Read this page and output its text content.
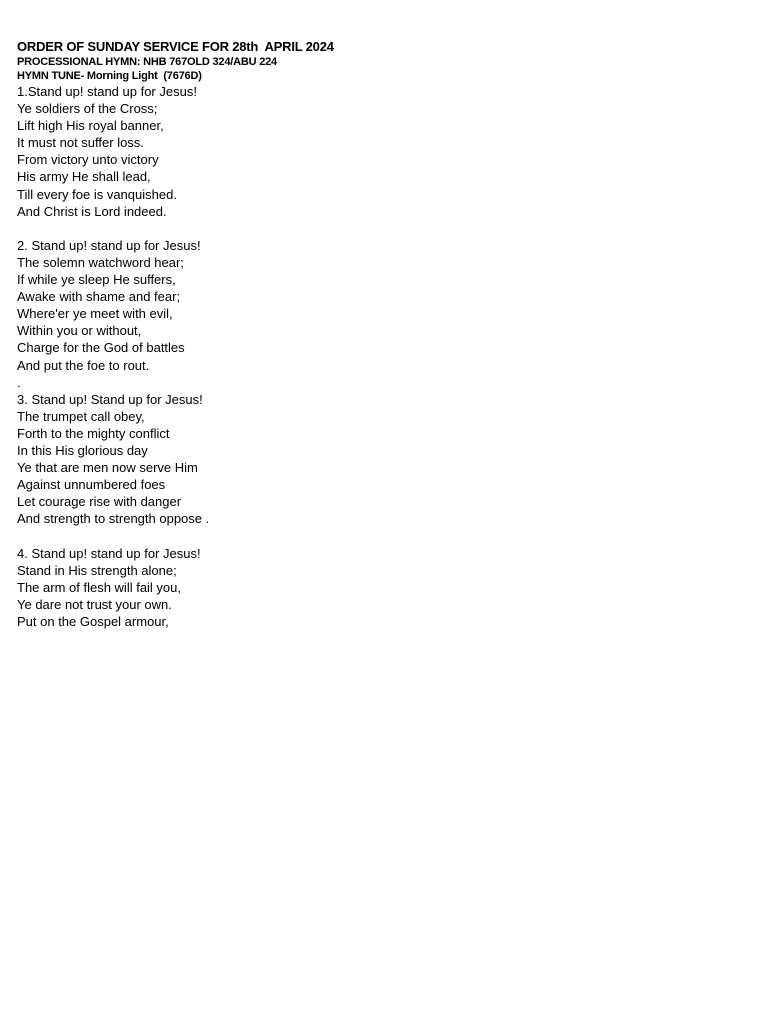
ORDER OF SUNDAY SERVICE FOR 28th  APRIL 2024
PROCESSIONAL HYMN: NHB 767OLD 324/ABU 224
HYMN TUNE- Morning Light  (7676D)
1.Stand up! stand up for Jesus!
Ye soldiers of the Cross;
Lift high His royal banner,
It must not suffer loss.
From victory unto victory
His army He shall lead,
Till every foe is vanquished.
And Christ is Lord indeed.
2. Stand up! stand up for Jesus!
The solemn watchword hear;
If while ye sleep He suffers,
Awake with shame and fear;
Where'er ye meet with evil,
Within you or without,
Charge for the God of battles
And put the foe to rout.
.
3. Stand up! Stand up for Jesus!
The trumpet call obey,
Forth to the mighty conflict
In this His glorious day
Ye that are men now serve Him
Against unnumbered foes
Let courage rise with danger
And strength to strength oppose .
4. Stand up! stand up for Jesus!
Stand in His strength alone;
The arm of flesh will fail you,
Ye dare not trust your own.
Put on the Gospel armour,
